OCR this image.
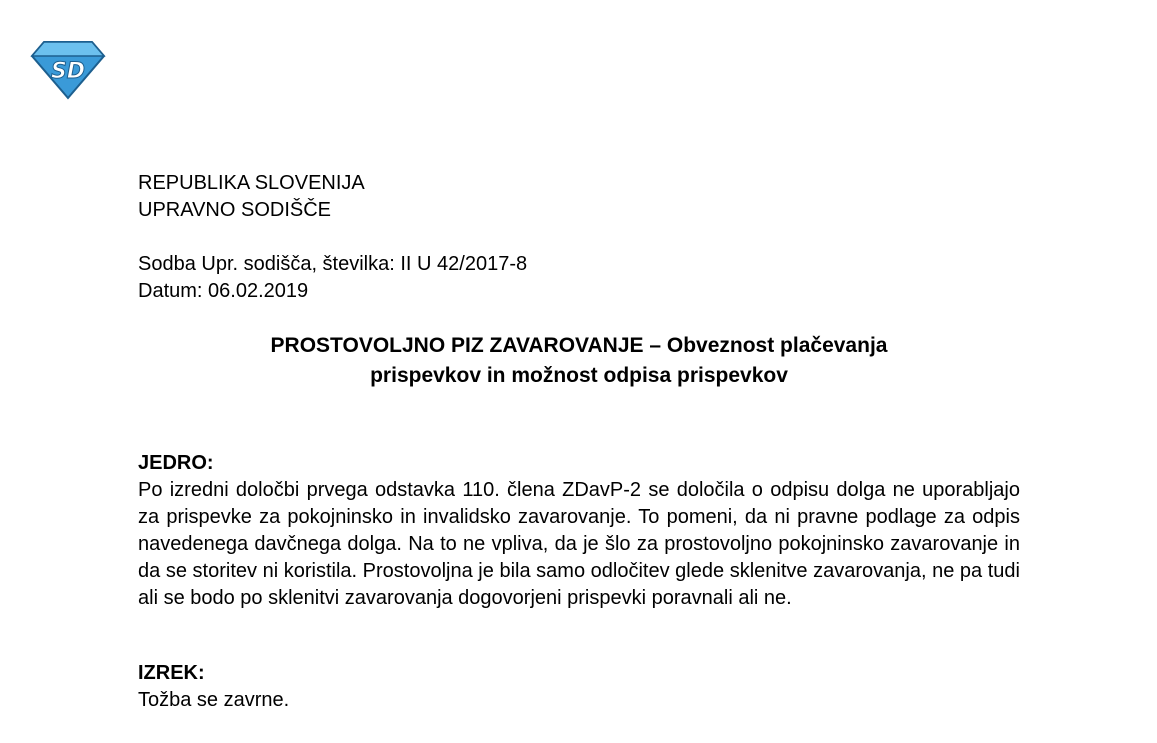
SD
REPUBLIKA SLOVENIJA
UPRAVNO SODIŠČE
Sodba Upr. sodišča, številka: II U 42/2017-8
Datum: 06.02.2019
PROSTOVOLJNO PIZ ZAVAROVANJE – Obveznost plačevanja
prispevkov in možnost odpisa prispevkov
JEDRO:

Po izredni določbi prvega odstavka 110. člena ZDavP-2 se določila o odpisu dolga ne uporabljajo za prispevke za pokojninsko in invalidsko zavarovanje. To pomeni, da ni pravne podlage za odpis navedenega davčnega dolga. Na to ne vpliva, da je šlo za prostovoljno pokojninsko zavarovanje in da se storitev ni koristila. Prostovoljna je bila samo odločitev glede sklenitve zavarovanja, ne pa tudi ali se bodo po sklenitvi zavarovanja dogovorjeni prispevki poravnali ali ne.

IZREK:
Tožba se zavrne.
